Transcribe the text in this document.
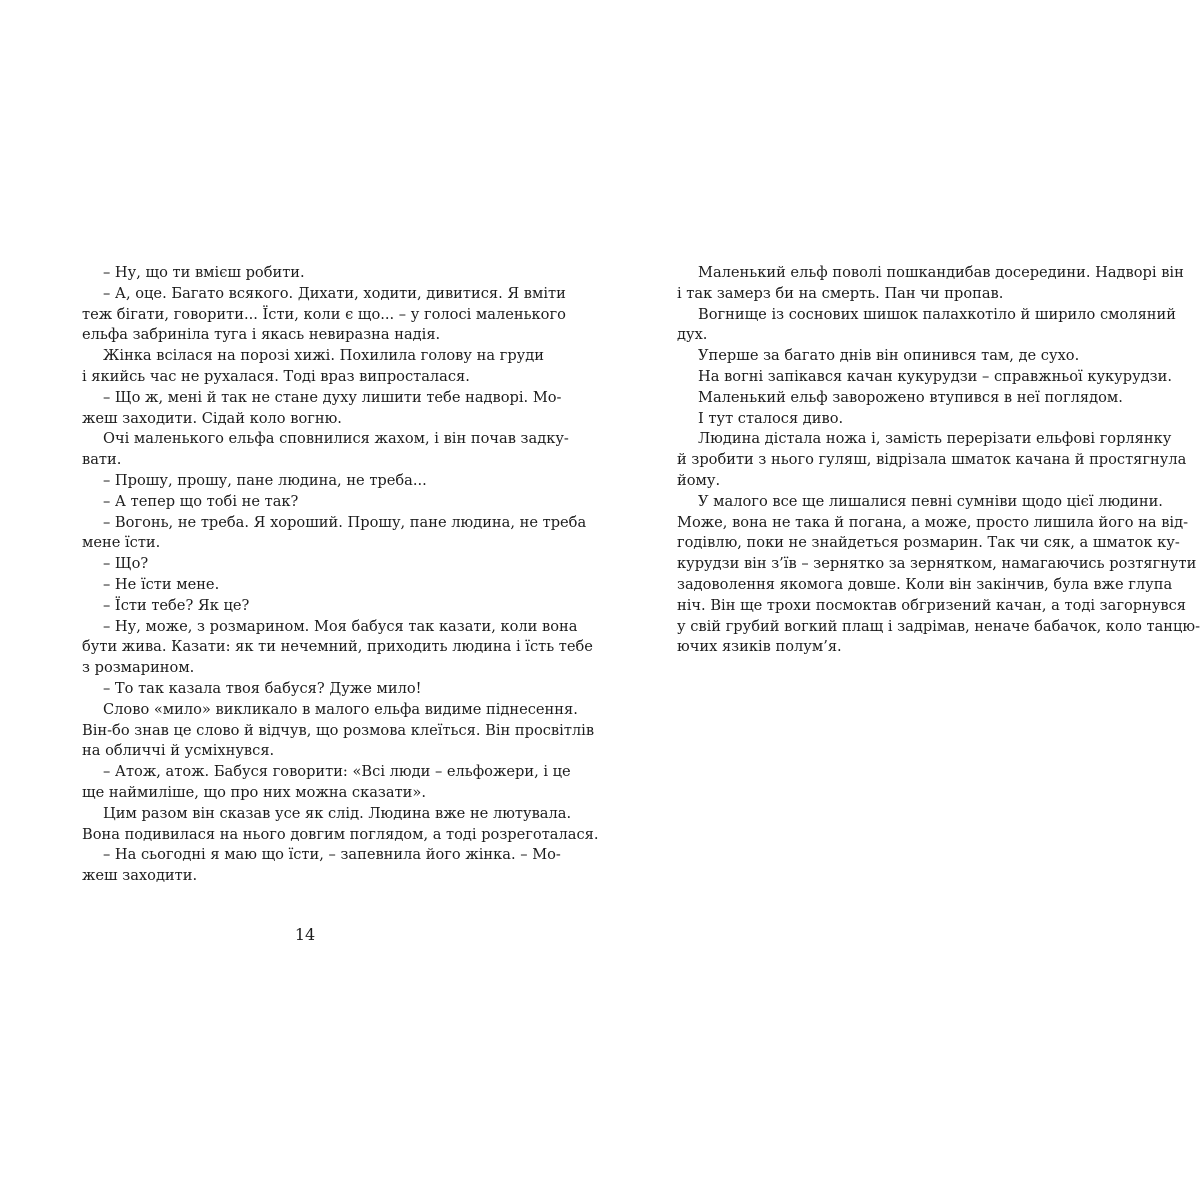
– Ну, що ти вмієш робити.
– А, оце. Багато всякого. Дихати, ходити, дивитися. Я вміти
теж бігати, говорити... Їсти, коли є що... – у голосі маленького
ельфа забриніла туга і якась невиразна надія.
Жінка всілася на порозі хижі. Похилила голову на груди
і якийсь час не рухалася. Тоді враз випросталася.
– Що ж, мені й так не стане духу лишити тебе надворі. Мо-
жеш заходити. Сідай коло вогню.
Очі маленького ельфа сповнилися жахом, і він почав задку-
вати.
– Прошу, прошу, пане людина, не треба...
– А тепер що тобі не так?
– Вогонь, не треба. Я хороший. Прошу, пане людина, не треба
мене їсти.
– Що?
– Не їсти мене.
– Їсти тебе? Як це?
– Ну, може, з розмарином. Моя бабуся так казати, коли вона
бути жива. Казати: як ти нечемний, приходить людина і їсть тебе
з розмарином.
– То так казала твоя бабуся? Дуже мило!
Слово «мило» викликало в малого ельфа видиме піднесення.
Він-бо знав це слово й відчув, що розмова клеїться. Він просвітлів
на обличчі й усміхнувся.
– Атож, атож. Бабуся говорити: «Всі люди – ельфожери, і це
ще наймиліше, що про них можна сказати».
Цим разом він сказав усе як слід. Людина вже не лютувала.
Вона подивилася на нього довгим поглядом, а тоді розреготалася.
– На сьогодні я маю що їсти, – запевнила його жінка. – Мо-
жеш заходити.
Маленький ельф поволі пошкандибав досередини. Надворі він
і так замерз би на смерть. Пан чи пропав.
Вогнище із соснових шишок палахкотіло й ширило смоляний
дух.
Уперше за багато днів він опинився там, де сухо.
На вогні запікався качан кукурудзи – справжньої кукурудзи.
Маленький ельф заворожено втупився в неї поглядом.
І тут сталося диво.
Людина дістала ножа і, замість перерізати ельфові горлянку
й зробити з нього гуляш, відрізала шматок качана й простягнула
йому.
У малого все ще лишалися певні сумніви щодо цієї людини.
Може, вона не така й погана, а може, просто лишила його на від-
годівлю, поки не знайдеться розмарин. Так чи сяк, а шматок ку-
курудзи він з’їв – зернятко за зернятком, намагаючись розтягнути
задоволення якомога довше. Коли він закінчив, була вже глупа
ніч. Він ще трохи посмоктав обгризений качан, а тоді загорнувся
у свій грубий вогкий плащ і задрімав, неначе бабачок, коло танцю-
ючих язиків полум’я.
14
